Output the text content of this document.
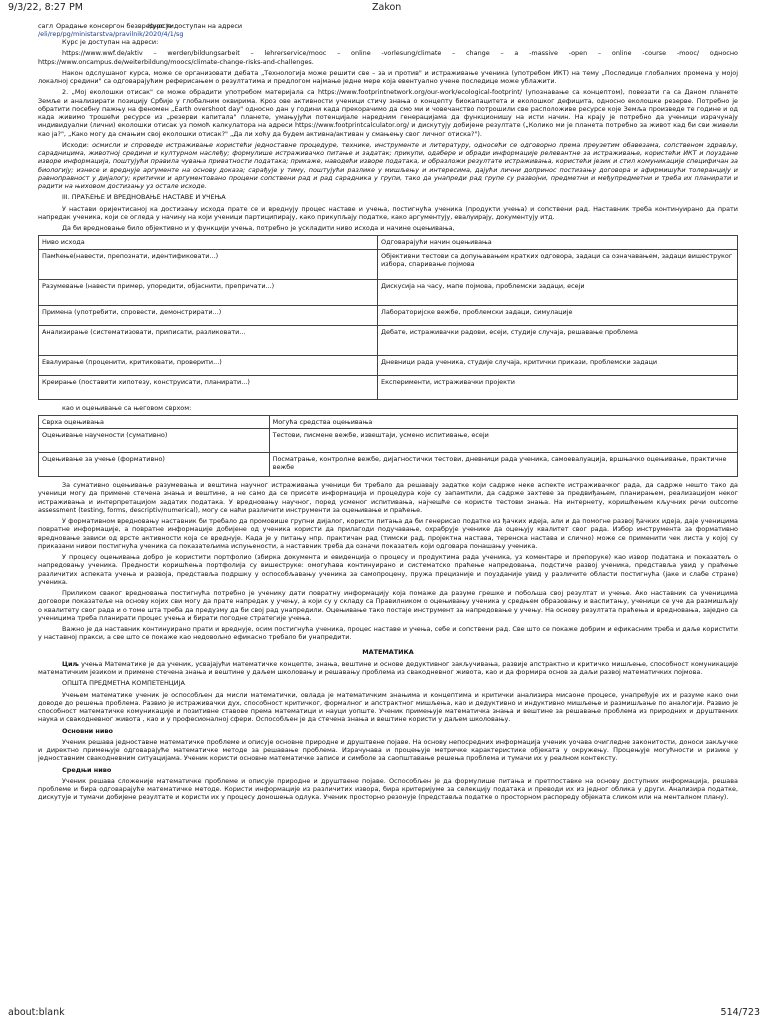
9/3/22, 8:27 PM	Zakon
сагл Орадање консергон безвредности
Курс је доступан на адреси
/eli/rep/pg/ministarstva/pravilnik/2020/4/1/sg

Курс је доступан на адреси:

https://www.wwf.de/aktiv – werden/bildungsarbeit – lehrerservice/mooc – online -vorlesung/climate – change – a -massive -open – online -course -mooc/ односно https://www.oncampus.de/weiterbildung/moocs/climate-change-risks-and-challenges.

Након одслушаног курса, може се организовати дебата „Технологија може решити све – за и против" и истраживање ученика (употребом ИКТ) на тему „Последице глобалних промена у мојој локалној средини" са одговарајућим реферисањем о резултатима и предлогом најмање једне мере која евентуално учене последице може ублажити.

2. „Мој еколошки отисак" се може обрадити употребом материјала са https://www.footprintnetwork.org/our-work/ecological-footprint/ (упознавање са концептом), повезати га са Даном планете Земље и анализирати позицију Србије у глобалним оквирима. Кроз ове активности ученици стичу знања о концепту биокапацитета и еколошког дефицита, односно еколошке резерве. Потребно је обратити посебну пажњу на феномен „Earth overshoot day" односно дан у години када прекорачимо да смо ми и човечанство потрошили све расположиве ресурсе које Земља произведе те године и од када живимо трошећи ресурсе из „резерви капитала" планете, умањујући потенцијале наредним генерацијама да функционишу на исти начин. На крају је потребно да ученици израчунају индивидуални (лични) еколошки отисак уз помоћ калкулатора на адреси https://www.footprintcalculator.org/ и дискутују добијене резултате („Колико ми је планета потребно за живот кад би сви живели као ја?", „Како могу да смањим свој еколошки отисак?" „Да ли хоћу да будем активна/активан у смањењу свог личног отиска?").

Исходи: осмисли и спроведе истраживање користећи једноставне процедуре, технике, инструменте и литературу, односећи се одговорно према преузетим обавезама, сопственом здрављу, сарадницима, животној средини и културном наслеђу; формулише истраживачко питање и задатак; прикупи, одабере и обради информације релевантне за истраживање, користећи ИКТ и поуздане изворе информација, поштујући правила чувања приватности података; прикаже, наводећи изворе података, и образложи резултате истраживања, користећи језик и стил комуникације специфичан за биологију; изнесе и вреднује аргументе на основу доказа; сарађује у тиму, поштујући разлике у мишљењу и интересима, дајући лични допринос постизању договора и афирмишући толеранцију и равноправност у дијалогу; критички и аргументовано процени сопствени рад и рад сарадника у групи, тако да унапреди рад групе су развојни, предметни и међупредметни и треба их планирати и радити на њиховом достизању уз остале исходе.

III. ПРАЋЕЊЕ И ВРЕДНОВАЊЕ НАСТАВЕ И УЧЕЊА

У настави оријентисаној ка достизању исхода прате се и вреднују процес наставе и учења, постигнућа ученика (продукти учења) и сопствени рад. Наставник треба континуирано да прати напредак ученика, који се огледа у начину на који ученици партиципирају, како прикупљају податке, како аргументују, евалуирају, документују итд.

Да би вредновање било објективно и у функцији учења, потребно је ускладити ниво исхода и начине оцењивања,

Ниво исхода	Одговарајући начин оцењивања
Памћење(навести, препознати, идентификовати...)	Објективни тестови са допуњавањем кратких одговора, задаци са означавањем, задаци вишеструког избора, спаривање појмова
Разумевање (навести пример, упоредити, објаснити, препричати...)	Дискусија на часу, мапе појмова, проблемски задаци, есеји
Примена (употребити, спровести, демонстрирати...)	Лабораторијске вежбе, проблемски задаци, симулације
Анализирање (систематизовати, приписати, разликовати...	Дебате, истраживачки радови, есеји, студије случаја, решавање проблема
Евалуирање (проценити, критиковати, проверити...)	Дневници рада ученика, студије случаја, критички прикази, проблемски задаци
Креирање (поставити хипотезу, конструисати, планирати...)	Експерименти, истраживачки пројекти

као и оцењивање са његовом сврхом:

Сврха оцењивања	Могућа средства оцењивања
Оцењивање научености (сумативно)	Тестови, писмене вежбе, извештаји, усмено испитивање, есеји
Оцењивање за учење (формативно)	Посматрање, контролне вежбе, дијагностички тестови, дневници рада ученика, самоевалуација, вршњачко оцењивање, практичне вежбе

За сумативно оцењивање разумевања и вештина научног истраживања ученици би требало да решавају задатке који садрже неке аспекте истраживачког рада, да садрже нешто тако да ученици могу да примене стечена знања и вештине, а не само да се присете информација и процедура које су запамтили, да садрже захтеве за предвиђањем, планирањем, реализацијом неког истраживања и интерпретацијом задатих података. У вредновању научног, поред усменог испитивања, најчешће се користе тестови знања. На интернету, коришћењем кључних речи outcome assessment (testing, forms, descriptiv/numerical), могу се наћи различити инструменти за оцењивање и праћење.

У формативном вредновању наставник би требало да промовише групни дијалог, користи питања да би генерисао податке из ђачких идеја, али и да помогне развој ђачких идеја, даје ученицима повратне информације, а повратне информације добијене од ученика користи да прилагоди подучавање, охрабрује ученике да оцењују квалитет свог рада. Избор инструмента за формативно вредновање зависи од врсте активности која се вреднује. Када је у питању нпр. практичан рад (тимски рад, пројектна настава, теренска настава и слично) може се применити чек листа у којој су приказани нивои постигнућа ученика са показатељима испуњености, а наставник треба да означи показатељ који одговара понашању ученика.

У процесу оцењивања добро је користити портфолио (збирка документа и евиденција о процесу и продуктима рада ученика, уз коментаре и препоруке) као извор података и показатељ о напредовању ученика. Предности коришћења портфолија су вишеструке: омогућава континуирано и систематско праћење напредовања, подстиче развој ученика, представља увид у праћење различитих аспеката учења и развоја, представља подршку у оспособљавању ученика за самопроцену, пружа прецизније и поузданије увид у различите области постигнућа (јаке и слабе стране) ученика.

Приликом сваког вредновања постигнућа потребно је ученику дати повратну информацију која помаже да разуме грешке и побољша свој резултат и учење. Ако наставник са ученицима договори показатеље на основу којих сви могу да прате напредак у учењу, а који су у складу са Правилником о оцењивању ученика у средњем образовању и васпитању, ученици се уче да размишљају о квалитету свог рада и о томе шта треба да предузму да би свој рад унапредили. Оцењивање тако постаје инструмент за напредовање у учењу. На основу резултата праћења и вредновања, заједно са ученицима треба планирати процес учења и бирати погодне стратегије учења.

Важно је да наставник континуирано прати и вреднује, осим постигнућа ученика, процес наставе и учења, себе и сопствени рад. Све што се покаже добрим и ефикасним треба и даље користити у наставној пракси, а све што се покаже као недовољно ефикасно требало би унапредити.

МАТЕМАТИКА

Циљ учења Математике је да ученик, усвајајући математичке концепте, знања, вештине и основе дедуктивног закључивања, развије апстрактно и критичко мишљење, способност комуникације математичким језиком и примене стечена знања и вештине у даљем школовању и решавању проблема из свакодневног живота, као и да формира основ за даљи развој математичких појмова.

ОПШТА ПРЕДМЕТНА КОМПЕТЕНЦИЈА

Учењем математике ученик је оспособљен да мисли математички, овлада је математичким знањима и концептима и критички анализира мисаоне процесе, унапређује их и разуме како они доводе до решења проблема. Развио је истраживачки дух, способност критичког, формалног и апстрактног мишљења, као и дедуктивно и индуктивно мишљење и размишљање по аналогији. Развио је способност математичке комуникације и позитивне ставове према математици и науци уопште. Ученик примењује математичка знања и вештине за решавање проблема из природних и друштвених наука и свакодневног живота , као и у професионалној сфери. Оспособљен је да стечена знања и вештине користи у даљем школовању.

Основни ниво

Ученик решава једноставне математичке проблеме и описује основне природне и друштвене појаве. На основу непосредних информација ученик уочава очигледне законитости, доноси закључке и директно примењује одговарајуће математичке методе за решавање проблема. Израчунава и процењује метричке карактеристике објеката у окружењу. Процењује могућности и ризике у једноставним свакодневним ситуацијама. Ученик користи основне математичке записе и симболе за саопштавање решења проблема и тумачи их у реалном контексту.

Средњи ниво

Ученик решава сложеније математичке проблеме и описује природне и друштвене појаве. Оспособљен је да формулише питања и претпоставке на основу доступних информација, решава проблеме и бира одговарајуће математичке методе. Користи информације из различитих извора, бира критеријуме за селекцију података и преводи их из једног облика у други. Анализира податке, дискутује и тумачи добијене резултате и користи их у процесу доношења одлука. Ученик просторно резонује (представља податке о просторном распореду објеката сликом или на менталном плану).

about:blank	514/723
